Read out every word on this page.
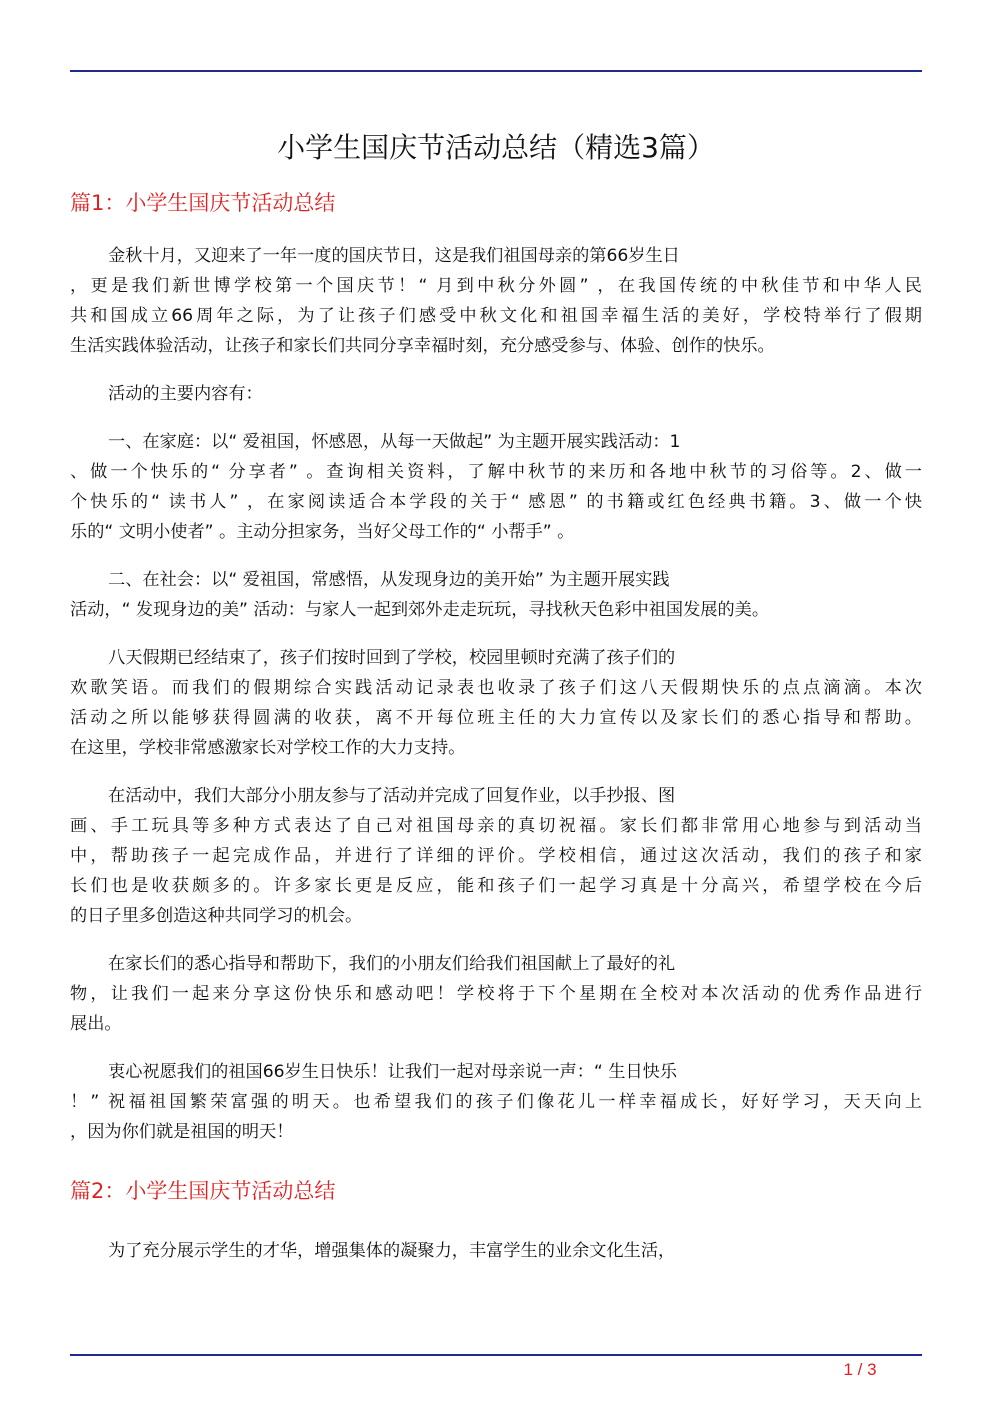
小学生国庆节活动总结（精选3篇）
篇1：小学生国庆节活动总结
金秋十月，又迎来了一年一度的国庆节日，这是我们祖国母亲的第66岁生日
，更是我们新世博学校第一个国庆节！“ 月到中秋分外圆” ，在我国传统的中秋佳节和中华人民
共和国成立66周年之际，为了让孩子们感受中秋文化和祖国幸福生活的美好，学校特举行了假期
生活实践体验活动，让孩子和家长们共同分享幸福时刻，充分感受参与、体验、创作的快乐。
活动的主要内容有：
一、在家庭：以“ 爱祖国，怀感恩，从每一天做起” 为主题开展实践活动：1
、做一个快乐的“ 分享者” 。查询相关资料，了解中秋节的来历和各地中秋节的习俗等。2、做一
个快乐的“ 读书人” ，在家阅读适合本学段的关于“ 感恩” 的书籍或红色经典书籍。3、做一个快
乐的“ 文明小使者” 。主动分担家务，当好父母工作的“ 小帮手” 。
二、在社会：以“ 爱祖国，常感悟，从发现身边的美开始” 为主题开展实践
活动，“ 发现身边的美” 活动：与家人一起到郊外走走玩玩，寻找秋天色彩中祖国发展的美。
八天假期已经结束了，孩子们按时回到了学校，校园里顿时充满了孩子们的
欢歌笑语。而我们的假期综合实践活动记录表也收录了孩子们这八天假期快乐的点点滴滴。本次
活动之所以能够获得圆满的收获，离不开每位班主任的大力宣传以及家长们的悉心指导和帮助。
在这里，学校非常感激家长对学校工作的大力支持。
在活动中，我们大部分小朋友参与了活动并完成了回复作业，以手抄报、图
画、手工玩具等多种方式表达了自己对祖国母亲的真切祝福。家长们都非常用心地参与到活动当
中，帮助孩子一起完成作品，并进行了详细的评价。学校相信，通过这次活动，我们的孩子和家
长们也是收获颇多的。许多家长更是反应，能和孩子们一起学习真是十分高兴，希望学校在今后
的日子里多创造这种共同学习的机会。
在家长们的悉心指导和帮助下，我们的小朋友们给我们祖国献上了最好的礼
物，让我们一起来分享这份快乐和感动吧！学校将于下个星期在全校对本次活动的优秀作品进行
展出。
衷心祝愿我们的祖国66岁生日快乐！让我们一起对母亲说一声：“ 生日快乐
！” 祝福祖国繁荣富强的明天。也希望我们的孩子们像花儿一样幸福成长，好好学习，天天向上
，因为你们就是祖国的明天！
篇2：小学生国庆节活动总结
为了充分展示学生的才华，增强集体的凝聚力，丰富学生的业余文化生活，
1 / 3
